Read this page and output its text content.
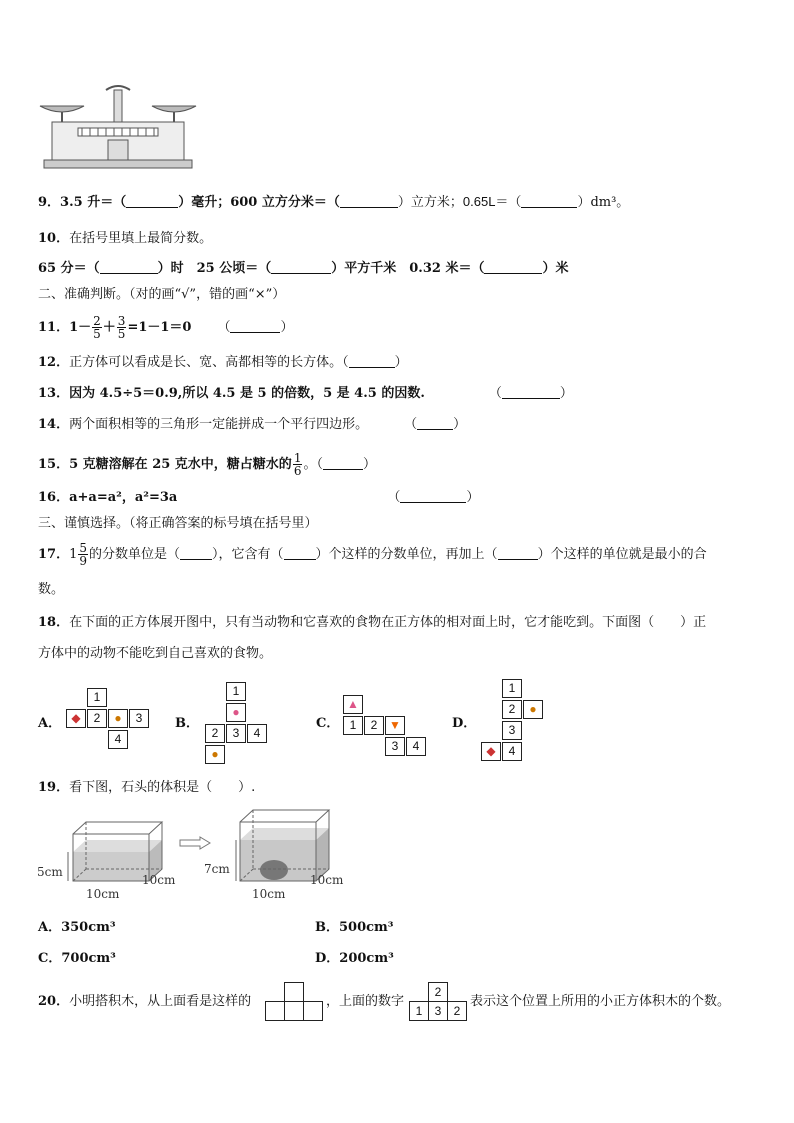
9．3.5 升＝（	）毫升；600 立方分米＝（	）立方米；0.65L＝（	）dm³。
10．在括号里填上最简分数。
65 分＝（	）时　25 公顷＝（	）平方千米　0.32 米＝（	）米
二、准确判断。（对的画“√”，错的画“×”）
11．$1- \frac{2}{5} + \frac{3}{5} =1-1=0$ （	）
12．正方体可以看成是长、宽、高都相等的长方体。（	）
13．因为 4.5÷5＝0.9,所以 4.5 是 5 的倍数，5 是 4.5 的因数.	（	）
14．两个面积相等的三角形一定能拼成一个平行四边形。	（	）
15．5 克糖溶解在 25 克水中，糖占糖水的 $\frac{1}{6}$ 。（	）
16．a+a=a²，a²=3a	（	）
三、谨慎选择。（将正确答案的标号填在括号里）
17．$1 \frac{5}{9}$ 的分数单位是（ ），它含有（ ）个这样的分数单位，再加上（	）个这样的单位就是最小的合
数。
18．在下面的正方体展开图中，只有当动物和它喜欢的食物在正方体的相对面上时，它才能吃到。下面图（　　）正
方体中的动物不能吃到自己喜欢的食物。
A．
1
◆	2	●	3
4
B．
1
●
2	3	4
●
C．
▲
1	2 ▼
3	4
D．
1
2	●
3
◆	4
19．看下图，石头的体积是（　　）.
5cm
10cm
10cm
7cm
10cm
10cm
A．350cm³	B．500cm³
C．700cm³	D．200cm³
20．小明搭积木，从上面看是这样的	，上面的数字
2
1	3	2
表示这个位置上所用的小正方体积木的个数。
